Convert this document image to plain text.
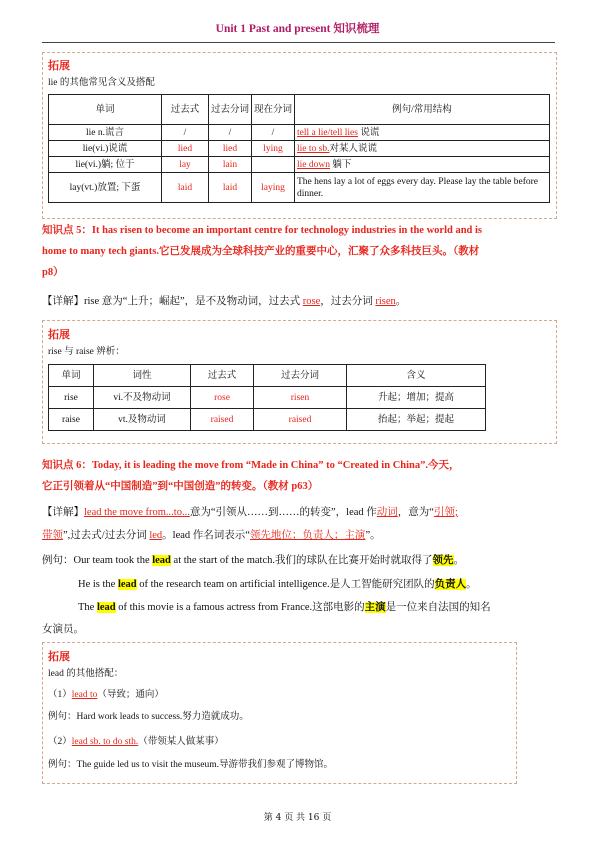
Unit 1 Past and present 知识梳理
拓展
lie 的其他常见含义及搭配
单词	过去式	过去分词	现在分词	例句/常用结构
lie n.谎言	/	/	/	tell a lie/tell lies 说谎
lie(vi.)说谎	lied	lied	lying	lie to sb.对某人说谎
lie(vi.)躺; 位于	lay	lain		lie down 躺下
lay(vt.)放置; 下蛋	laid	laid	laying	The hens lay a lot of eggs every day. Please lay the table before dinner.
知识点 5：It has risen to become an important centre for technology industries in the world and is
home to many tech giants.它已发展成为全球科技产业的重要中心，汇聚了众多科技巨头。（教材
p8）
【详解】rise 意为“上升；崛起”，是不及物动词，过去式 rose，过去分词 risen。
拓展
rise 与 raise 辨析：
单词	词性	过去式	过去分词	含义
rise	vi.不及物动词	rose	risen	升起；增加；提高
raise	vt.及物动词	raised	raised	抬起；举起；提起
知识点 6：Today, it is leading the move from “Made in China” to “Created in China”.今天，
它正引领着从“中国制造”到“中国创造”的转变。（教材 p63）
【详解】lead the move from...to...意为“引领从……到……的转变”，lead 作动词，意为“引领;
带领”,过去式/过去分词 led。lead 作名词表示“领先地位；负责人；主演”。
例句：Our team took the lead at the start of the match.我们的球队在比赛开始时就取得了领先。
He is the lead of the research team on artificial intelligence.是人工智能研究团队的负责人。
The lead of this movie is a famous actress from France.这部电影的主演是一位来自法国的知名
女演员。
拓展
lead 的其他搭配：
（1）lead to（导致；通向）
例句：Hard work leads to success.努力造就成功。
（2）lead sb. to do sth.（带领某人做某事）
例句：The guide led us to visit the museum.导游带我们参观了博物馆。
第 4 页 共 16 页
